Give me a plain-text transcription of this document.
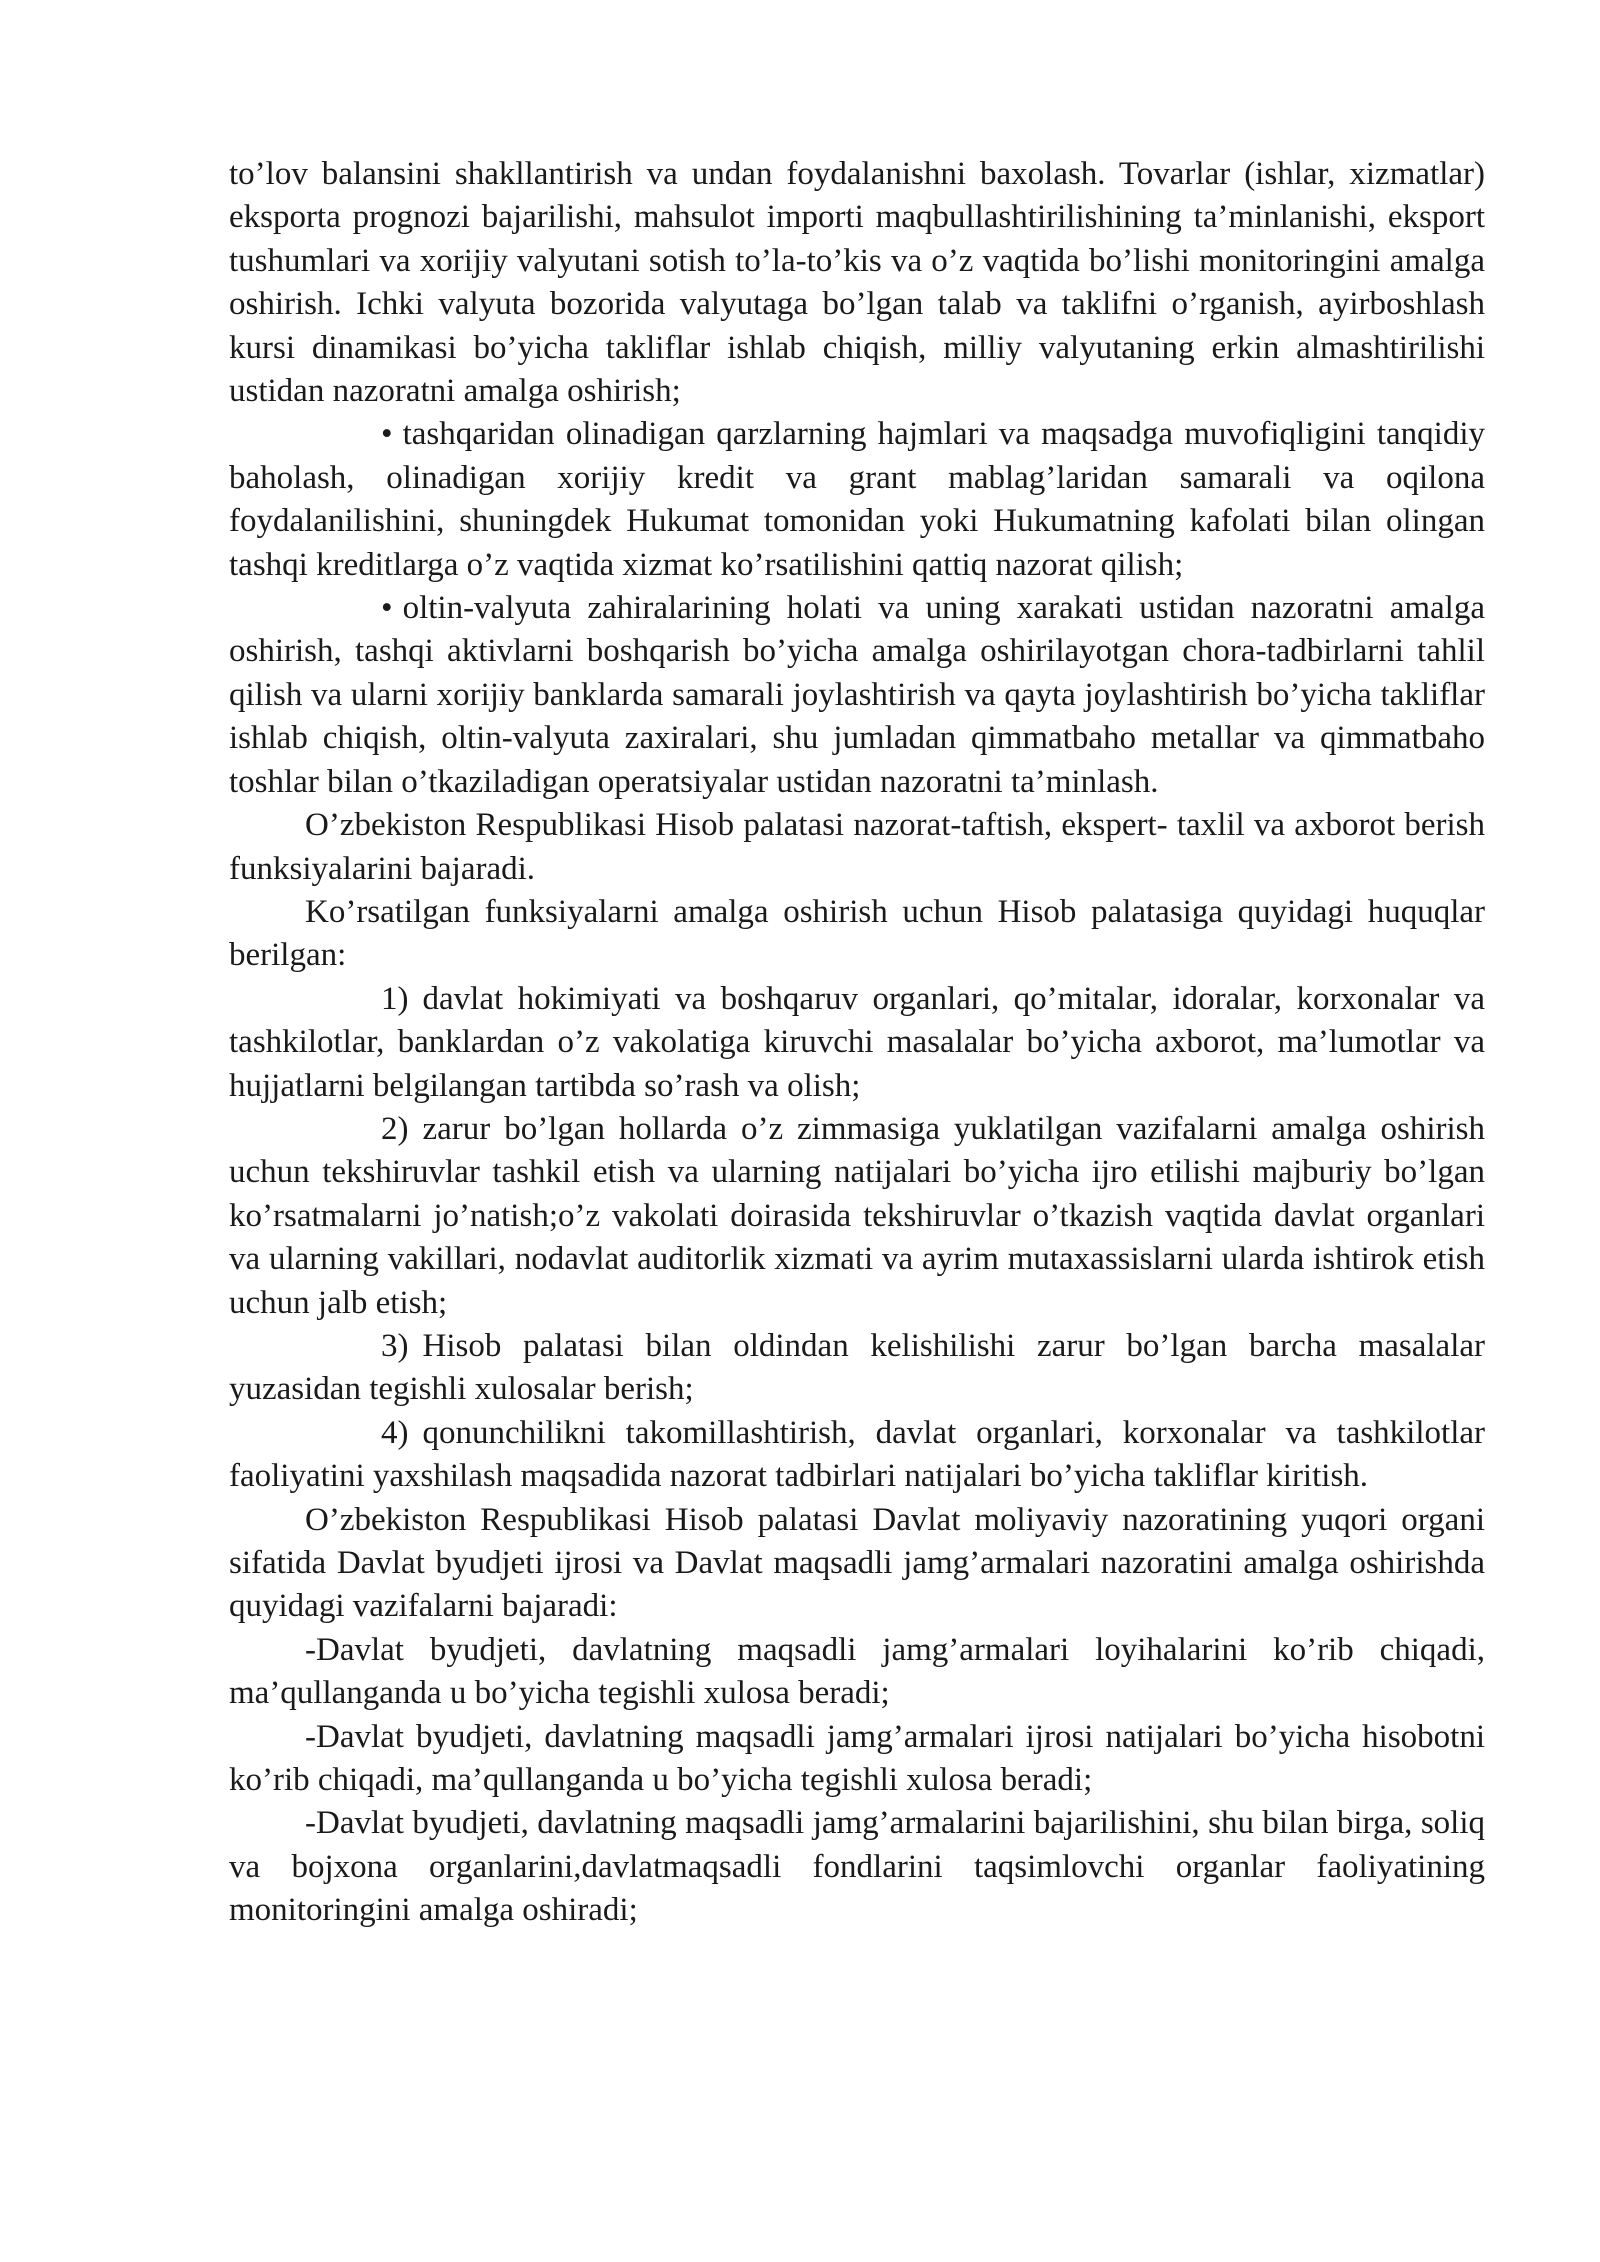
to’lov balansini shakllantirish va undan foydalanishni baxolash. Tovarlar (ishlar, xizmatlar) eksporta prognozi bajarilishi, mahsulot importi maqbullashtirilishining ta’minlanishi, eksport tushumlari va xorijiy valyutani sotish to’la-to’kis va o’z vaqtida bo’lishi monitoringini amalga oshirish. Ichki valyuta bozorida valyutaga bo’lgan talab va taklifni o’rganish, ayirboshlash kursi dinamikasi bo’yicha takliflar ishlab chiqish, milliy valyutaning erkin almashtirilishi ustidan nazoratni amalga oshirish;

• tashqaridan olinadigan qarzlarning hajmlari va maqsadga muvofiqligini tanqidiy baholash, olinadigan xorijiy kredit va grant mablag’laridan samarali va oqilona foydalanilishini, shuningdek Hukumat tomonidan yoki Hukumatning kafolati bilan olingan tashqi kreditlarga o’z vaqtida xizmat ko’rsatilishini qattiq nazorat qilish;

• oltin-valyuta zahiralarining holati va uning xarakati ustidan nazoratni amalga oshirish, tashqi aktivlarni boshqarish bo’yicha amalga oshirilayotgan chora-tadbirlarni tahlil qilish va ularni xorijiy banklarda samarali joylashtirish va qayta joylashtirish bo’yicha takliflar ishlab chiqish, oltin-valyuta zaxiralari, shu jumladan qimmatbaho metallar va qimmatbaho toshlar bilan o’tkaziladigan operatsiyalar ustidan nazoratni ta’minlash.

O’zbekiston Respublikasi Hisob palatasi nazorat-taftish, ekspert- taxlil va axborot berish funksiyalarini bajaradi.

Ko’rsatilgan funksiyalarni amalga oshirish uchun Hisob palatasiga quyidagi huquqlar berilgan:

1) davlat hokimiyati va boshqaruv organlari, qo’mitalar, idoralar, korxonalar va tashkilotlar, banklardan o’z vakolatiga kiruvchi masalalar bo’yicha axborot, ma’lumotlar va hujjatlarni belgilangan tartibda so’rash va olish;

2) zarur bo’lgan hollarda o’z zimmasiga yuklatilgan vazifalarni amalga oshirish uchun tekshiruvlar tashkil etish va ularning natijalari bo’yicha ijro etilishi majburiy bo’lgan ko’rsatmalarni jo’natish;o’z vakolati doirasida tekshiruvlar o’tkazish vaqtida davlat organlari va ularning vakillari, nodavlat auditorlik xizmati va ayrim mutaxassislarni ularda ishtirok etish uchun jalb etish;

3) Hisob palatasi bilan oldindan kelishilishi zarur bo’lgan barcha masalalar yuzasidan tegishli xulosalar berish;

4) qonunchilikni takomillashtirish, davlat organlari, korxonalar va tashkilotlar faoliyatini yaxshilash maqsadida nazorat tadbirlari natijalari bo’yicha takliflar kiritish.

O’zbekiston Respublikasi Hisob palatasi Davlat moliyaviy nazoratining yuqori organi sifatida Davlat byudjeti ijrosi va Davlat maqsadli jamg’armalari nazoratini amalga oshirishda quyidagi vazifalarni bajaradi:

-Davlat byudjeti, davlatning maqsadli jamg’armalari loyihalarini ko’rib chiqadi, ma’qullanganda u bo’yicha tegishli xulosa beradi;

-Davlat byudjeti, davlatning maqsadli jamg’armalari ijrosi natijalari bo’yicha hisobotni ko’rib chiqadi, ma’qullanganda u bo’yicha tegishli xulosa beradi;

-Davlat byudjeti, davlatning maqsadli jamg’armalarini bajarilishini, shu bilan birga, soliq va bojxona organlarini,davlatmaqsadli fondlarini taqsimlovchi organlar faoliyatining monitoringini amalga oshiradi;
